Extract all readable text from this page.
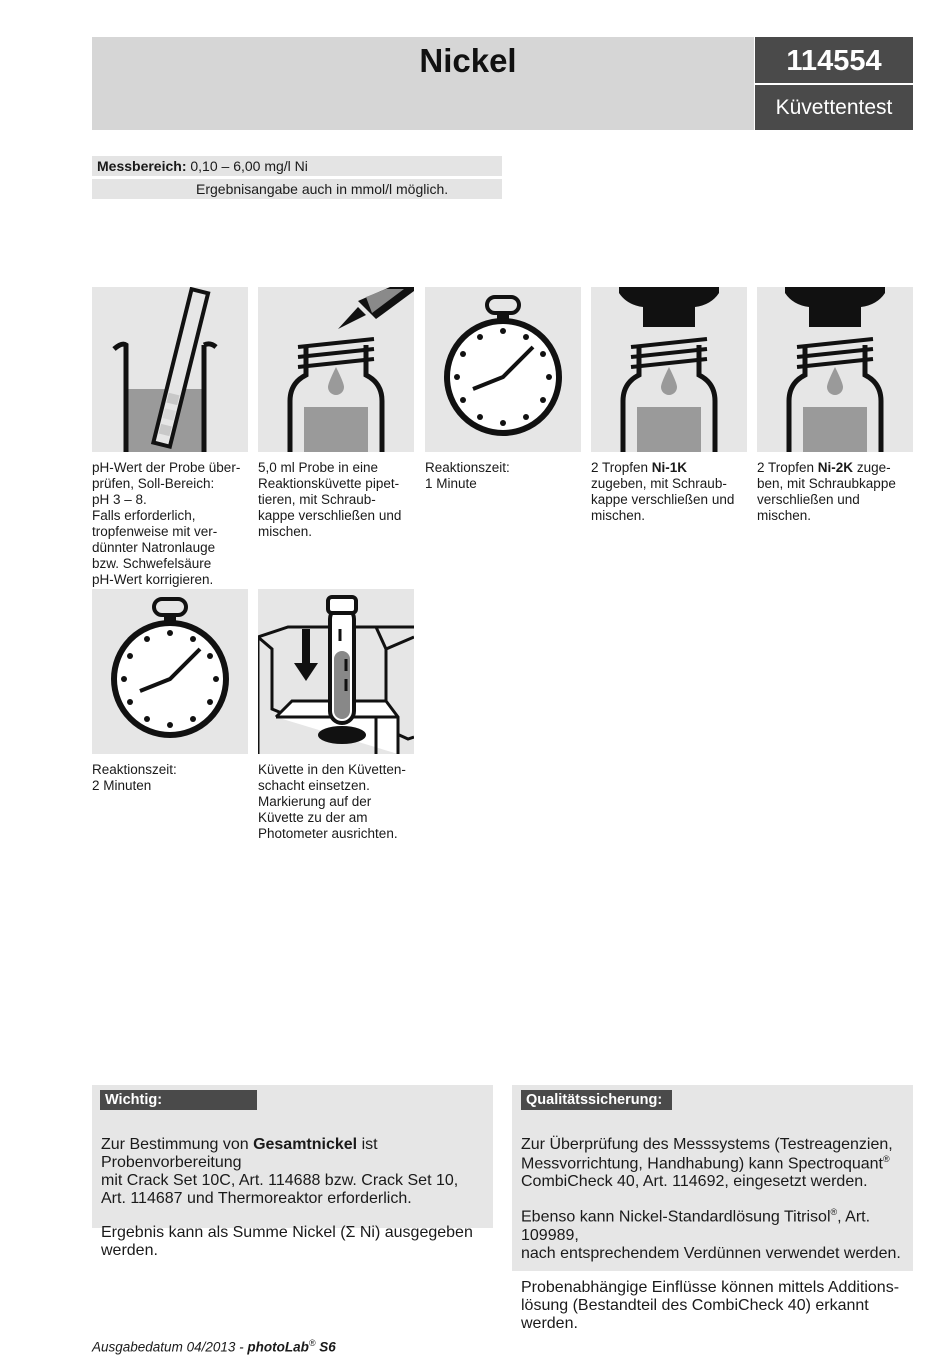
Nickel	114554
Küvettentest
Messbereich: 0,10 – 6,00 mg/l Ni
Ergebnisangabe auch in mmol/l möglich.
pH-Wert der Probe über-
prüfen, Soll-Bereich:
pH 3 – 8.
Falls erforderlich,
tropfenweise mit ver-
dünnter Natronlauge
bzw. Schwefelsäure
pH-Wert korrigieren.
5,0 ml Probe in eine
Reaktionsküvette pipet-
tieren, mit Schraub-
kappe verschließen und
mischen.
Reaktionszeit:
1 Minute
2 Tropfen Ni-1K
zugeben, mit Schraub-
kappe verschließen und
mischen.
2 Tropfen Ni-2K zuge-
ben, mit Schraubkappe
verschließen und
mischen.
Reaktionszeit:
2 Minuten
Küvette in den Küvetten-
schacht einsetzen.
Markierung auf der
Küvette zu der am
Photometer ausrichten.
Wichtig:

Zur Bestimmung von Gesamtnickel ist Probenvorbereitung
mit Crack Set 10C, Art. 114688 bzw. Crack Set 10,
Art. 114687 und Thermoreaktor erforderlich.

Ergebnis kann als Summe Nickel (Σ Ni) ausgegeben
werden.

Qualitätssicherung:

Zur Überprüfung des Messsystems (Testreagenzien,
Messvorrichtung, Handhabung) kann Spectroquant®
CombiCheck 40, Art. 114692, eingesetzt werden.

Ebenso kann Nickel-Standardlösung Titrisol®, Art. 109989,
nach entsprechendem Verdünnen verwendet werden.

Probenabhängige Einflüsse können mittels Additions-
lösung (Bestandteil des CombiCheck 40) erkannt werden.

Ausgabedatum 04/2013 - photoLab® S6
